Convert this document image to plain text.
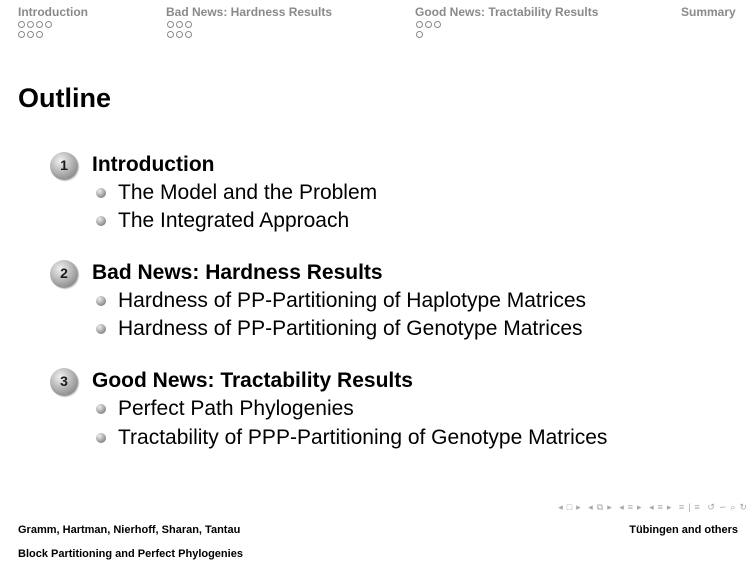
Introduction	Bad News: Hardness Results	Good News: Tractability Results	Summary
Outline
1	Introduction
The Model and the Problem
The Integrated Approach
2	Bad News: Hardness Results
Hardness of PP-Partitioning of Haplotype Matrices
Hardness of PP-Partitioning of Genotype Matrices
3	Good News: Tractability Results
Perfect Path Phylogenies
Tractability of PPP-Partitioning of Genotype Matrices
◂ □ ▸ ◂ ⧉ ▸ ◂ ≡ ▸ ◂ ≡ ▸ ≡ | ≡ ↺ ∽ ⌕ ↻
Gramm, Hartman, Nierhoff, Sharan, Tantau	Tübingen and others
Block Partitioning and Perfect Phylogenies
